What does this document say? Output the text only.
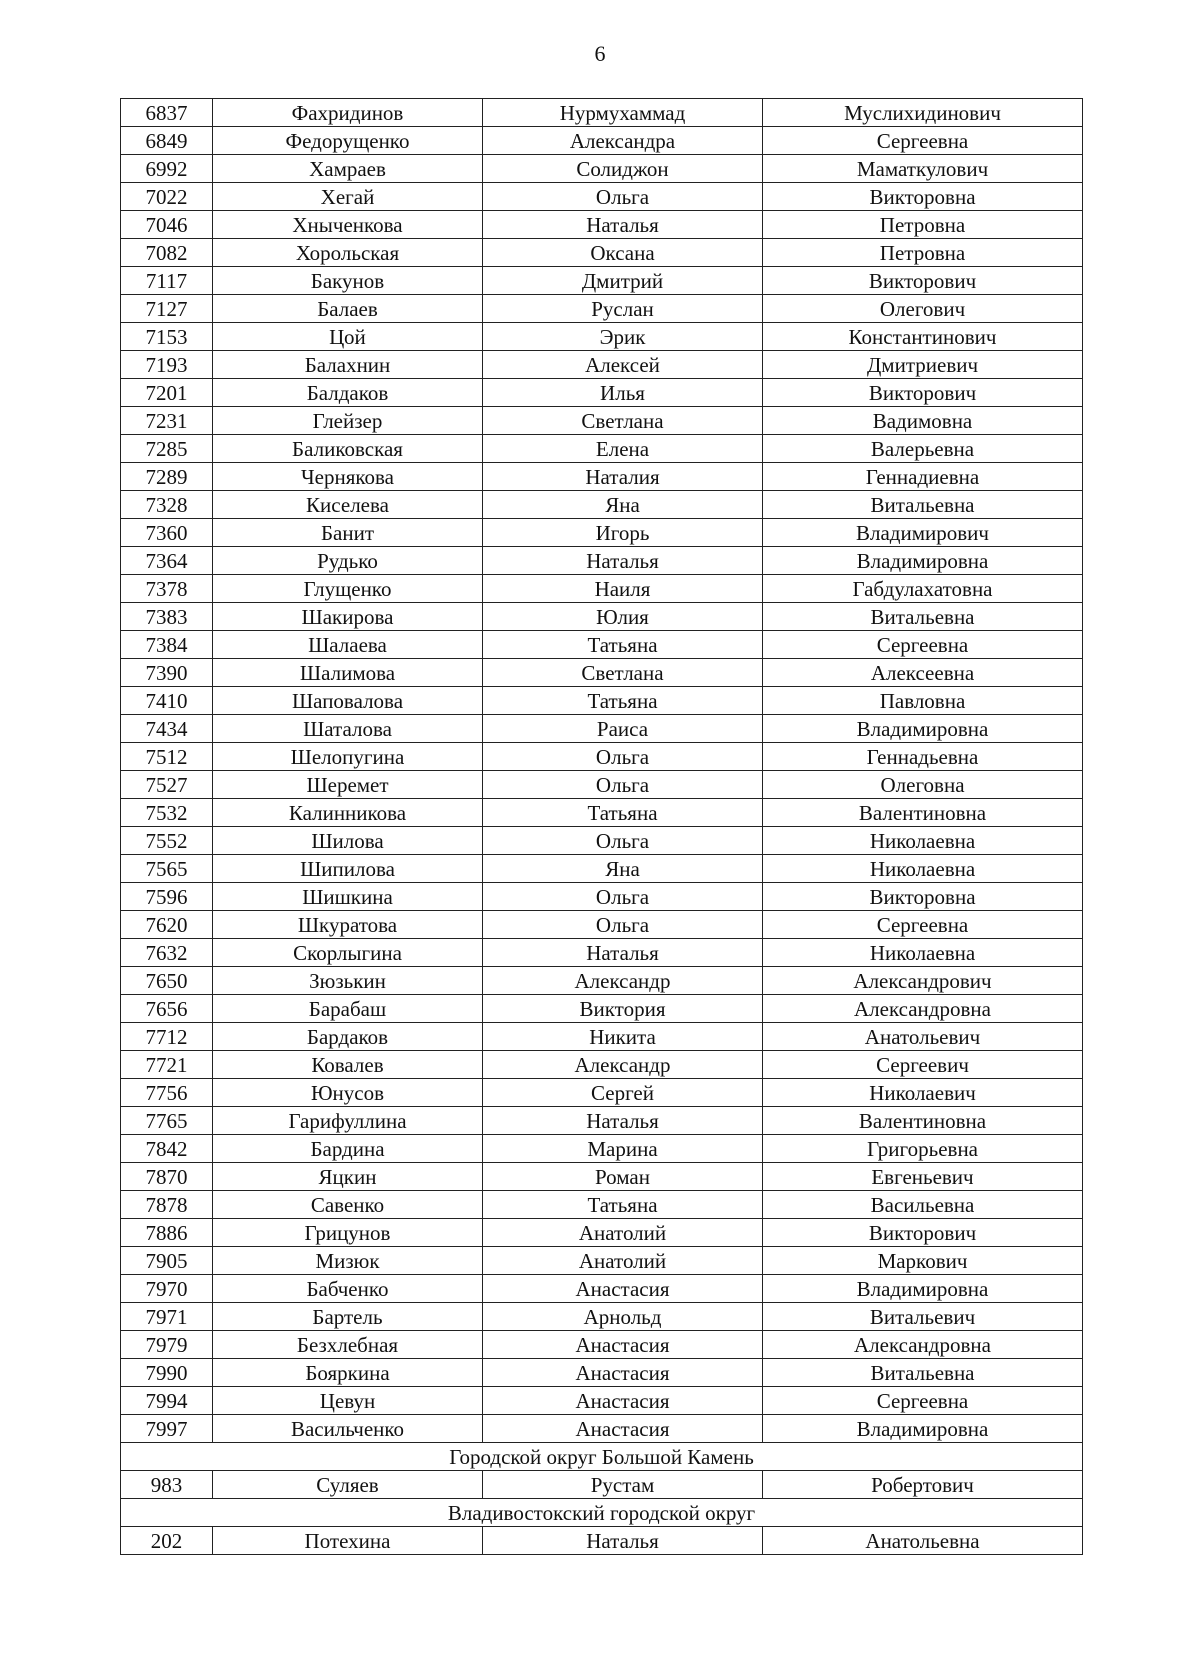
6
6837	Фахридинов	Нурмухаммад	Муслихидинович
6849	Федорущенко	Александра	Сергеевна
6992	Хамраев	Солиджон	Маматкулович
7022	Хегай	Ольга	Викторовна
7046	Хныченкова	Наталья	Петровна
7082	Хорольская	Оксана	Петровна
7117	Бакунов	Дмитрий	Викторович
7127	Балаев	Руслан	Олегович
7153	Цой	Эрик	Константинович
7193	Балахнин	Алексей	Дмитриевич
7201	Балдаков	Илья	Викторович
7231	Глейзер	Светлана	Вадимовна
7285	Баликовская	Елена	Валерьевна
7289	Чернякова	Наталия	Геннадиевна
7328	Киселева	Яна	Витальевна
7360	Банит	Игорь	Владимирович
7364	Рудько	Наталья	Владимировна
7378	Глущенко	Наиля	Габдулахатовна
7383	Шакирова	Юлия	Витальевна
7384	Шалаева	Татьяна	Сергеевна
7390	Шалимова	Светлана	Алексеевна
7410	Шаповалова	Татьяна	Павловна
7434	Шаталова	Раиса	Владимировна
7512	Шелопугина	Ольга	Геннадьевна
7527	Шеремет	Ольга	Олеговна
7532	Калинникова	Татьяна	Валентиновна
7552	Шилова	Ольга	Николаевна
7565	Шипилова	Яна	Николаевна
7596	Шишкина	Ольга	Викторовна
7620	Шкуратова	Ольга	Сергеевна
7632	Скорлыгина	Наталья	Николаевна
7650	Зюзькин	Александр	Александрович
7656	Барабаш	Виктория	Александровна
7712	Бардаков	Никита	Анатольевич
7721	Ковалев	Александр	Сергеевич
7756	Юнусов	Сергей	Николаевич
7765	Гарифуллина	Наталья	Валентиновна
7842	Бардина	Марина	Григорьевна
7870	Яцкин	Роман	Евгеньевич
7878	Савенко	Татьяна	Васильевна
7886	Грицунов	Анатолий	Викторович
7905	Мизюк	Анатолий	Маркович
7970	Бабченко	Анастасия	Владимировна
7971	Бартель	Арнольд	Витальевич
7979	Безхлебная	Анастасия	Александровна
7990	Бояркина	Анастасия	Витальевна
7994	Цевун	Анастасия	Сергеевна
7997	Васильченко	Анастасия	Владимировна
Городской округ Большой Камень			
983	Суляев	Рустам	Робертович
Владивостокский городской округ			
202	Потехина	Наталья	Анатольевна
